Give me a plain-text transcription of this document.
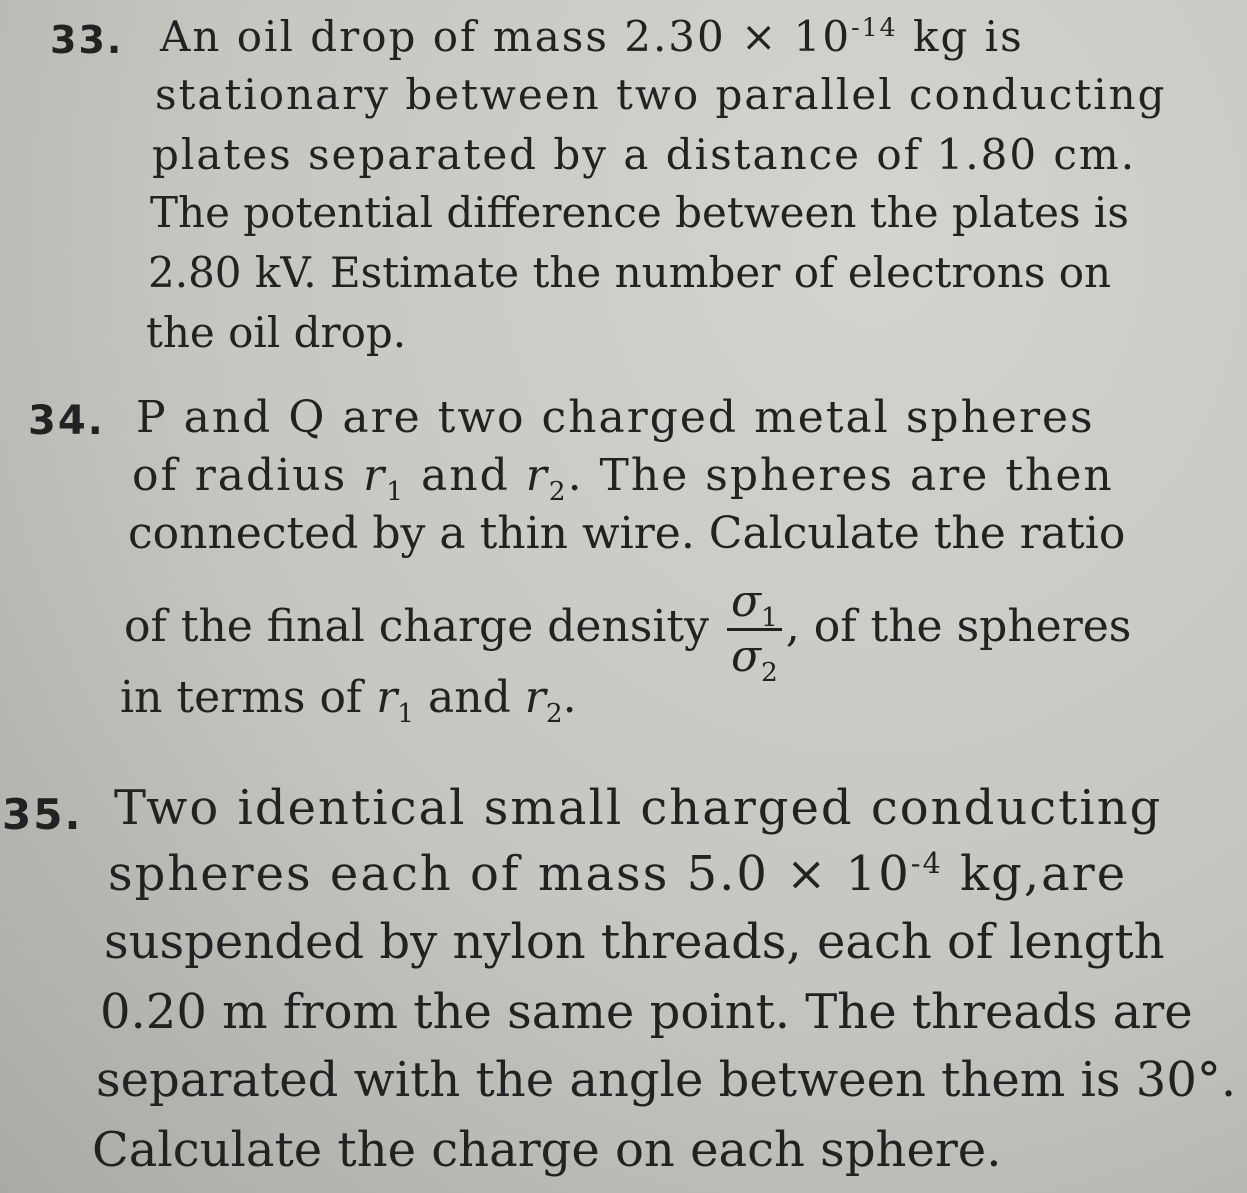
33. An oil drop of mass $2.30 \times 10^{-14}$ kg is
stationary between two parallel conducting
plates separated by a distance of 1.80 cm.
The potential difference between the plates is
2.80 kV. Estimate the number of electrons on
the oil drop.
34. P and Q are two charged metal spheres
of radius $r_1$ and $r_2$. The spheres are then
connected by a thin wire. Calculate the ratio
of the final charge density $\frac{\sigma_1}{\sigma_2}$ , of the spheres
in terms of $r_1$ and $r_2$.
35. Two identical small charged conducting
spheres each of mass $5.0 \times 10^{-4}$ kg,are
suspended by nylon threads, each of length
0.20 m from the same point. The threads are
separated with the angle between them is 30°.
Calculate the charge on each sphere.
